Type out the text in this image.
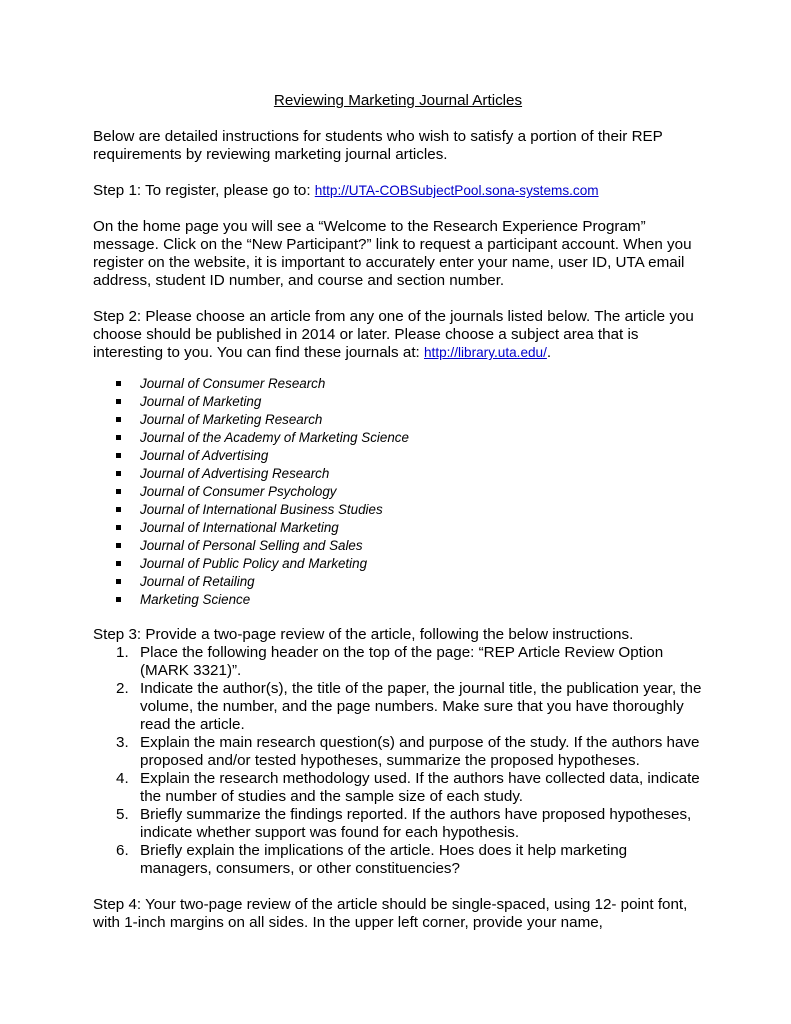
Reviewing Marketing Journal Articles

Below are detailed instructions for students who wish to satisfy a portion of their REP requirements by reviewing marketing journal articles.

Step 1: To register, please go to: http://UTA-COBSubjectPool.sona-systems.com

On the home page you will see a “Welcome to the Research Experience Program” message. Click on the “New Participant?” link to request a participant account. When you register on the website, it is important to accurately enter your name, user ID, UTA email address, student ID number, and course and section number.

Step 2: Please choose an article from any one of the journals listed below. The article you choose should be published in 2014 or later. Please choose a subject area that is interesting to you. You can find these journals at: http://library.uta.edu/.

Journal of Consumer Research
Journal of Marketing
Journal of Marketing Research
Journal of the Academy of Marketing Science
Journal of Advertising
Journal of Advertising Research
Journal of Consumer Psychology
Journal of International Business Studies
Journal of International Marketing
Journal of Personal Selling and Sales
Journal of Public Policy and Marketing
Journal of Retailing
Marketing Science

Step 3: Provide a two-page review of the article, following the below instructions.

1. Place the following header on the top of the page: “REP Article Review Option (MARK 3321)”.
2. Indicate the author(s), the title of the paper, the journal title, the publication year, the volume, the number, and the page numbers. Make sure that you have thoroughly read the article.
3. Explain the main research question(s) and purpose of the study. If the authors have proposed and/or tested hypotheses, summarize the proposed hypotheses.
4. Explain the research methodology used. If the authors have collected data, indicate the number of studies and the sample size of each study.
5. Briefly summarize the findings reported. If the authors have proposed hypotheses, indicate whether support was found for each hypothesis.
6. Briefly explain the implications of the article. Hoes does it help marketing managers, consumers, or other constituencies?

Step 4: Your two-page review of the article should be single-spaced, using 12- point font, with 1-inch margins on all sides. In the upper left corner, provide your name,
